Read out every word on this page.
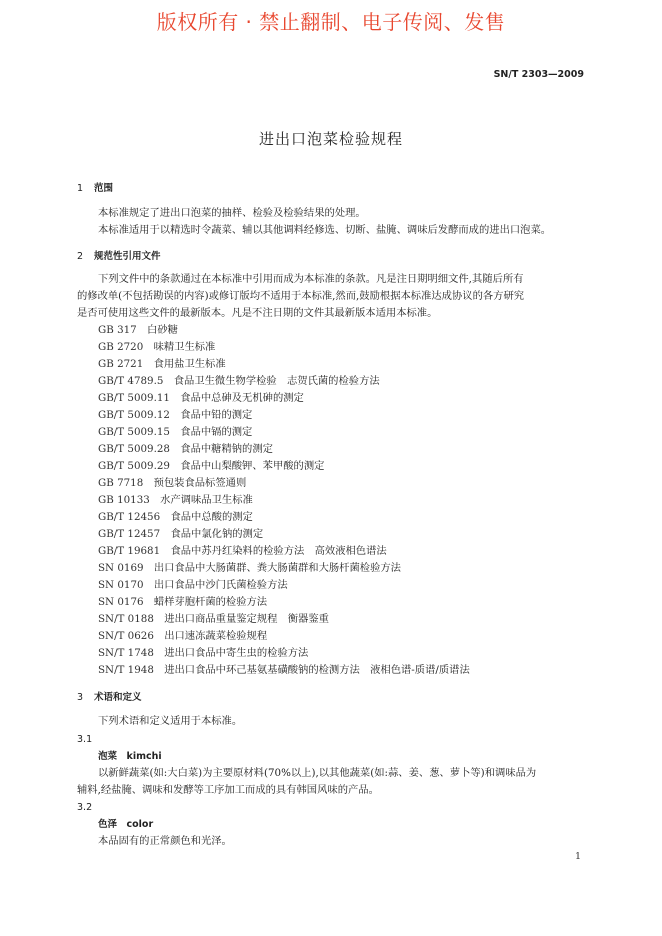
版权所有 · 禁止翻制、电子传阅、发售
SN/T 2303—2009
进出口泡菜检验规程
1 范围
本标准规定了进出口泡菜的抽样、检验及检验结果的处理。
本标准适用于以精选时令蔬菜、辅以其他调料经修选、切断、盐腌、调味后发酵而成的进出口泡菜。
2 规范性引用文件
下列文件中的条款通过在本标准中引用而成为本标准的条款。凡是注日期明细文件,其随后所有
的修改单(不包括勘误的内容)或修订版均不适用于本标准,然而,鼓励根据本标准达成协议的各方研究
是否可使用这些文件的最新版本。凡是不注日期的文件其最新版本适用本标准。
GB 317　 白砂糖
GB 2720　 味精卫生标准
GB 2721　 食用盐卫生标准
GB/T 4789.5　 食品卫生微生物学检验　志贺氏菌的检验方法
GB/T 5009.11　 食品中总砷及无机砷的测定
GB/T 5009.12　 食品中铅的测定
GB/T 5009.15　 食品中镉的测定
GB/T 5009.28　 食品中糖精钠的测定
GB/T 5009.29　 食品中山梨酸钾、苯甲酸的测定
GB 7718　 预包装食品标签通则
GB 10133　 水产调味品卫生标准
GB/T 12456　 食品中总酸的测定
GB/T 12457　 食品中氯化钠的测定
GB/T 19681　 食品中苏丹红染料的检验方法　高效液相色谱法
SN 0169　 出口食品中大肠菌群、粪大肠菌群和大肠杆菌检验方法
SN 0170　 出口食品中沙门氏菌检验方法
SN 0176　 蜡样芽胞杆菌的检验方法
SN/T 0188　 进出口商品重量鉴定规程　衡器鉴重
SN/T 0626　 出口速冻蔬菜检验规程
SN/T 1748　 进出口食品中寄生虫的检验方法
SN/T 1948　 进出口食品中环己基氨基磺酸钠的检测方法　液相色谱-质谱/质谱法
3 术语和定义
下列术语和定义适用于本标准。
3.1
泡菜　kimchi
以新鲜蔬菜(如:大白菜)为主要原材料(70%以上),以其他蔬菜(如:蒜、姜、葱、萝卜等)和调味品为
辅料,经盐腌、调味和发酵等工序加工而成的具有韩国风味的产品。
3.2
色泽　color
本品固有的正常颜色和光泽。
1
